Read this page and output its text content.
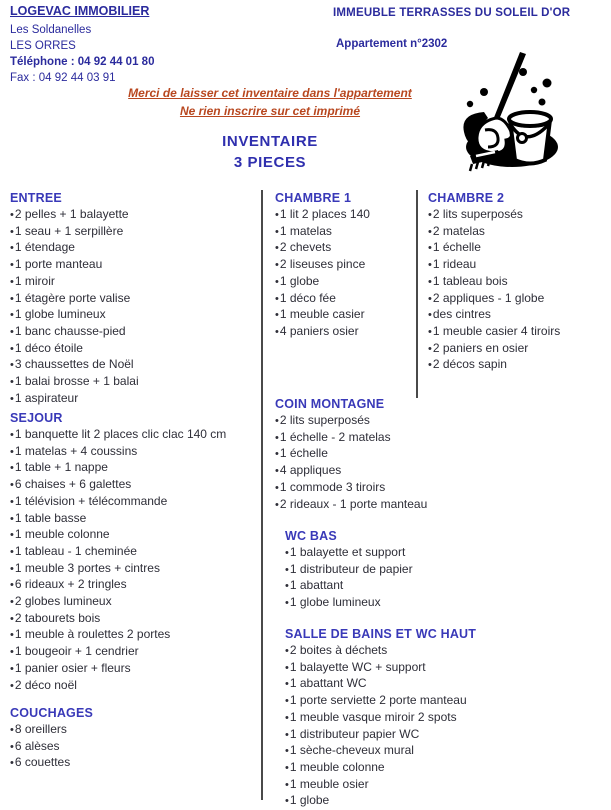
LOGEVAC IMMOBILIER
Les Soldanelles
LES ORRES
Téléphone : 04 92 44 01 80
Fax : 04 92 44 03 91
IMMEUBLE TERRASSES DU SOLEIL D'OR
Appartement n°2302
Merci de laisser cet inventaire dans l'appartement
Ne rien inscrire sur cet imprimé
INVENTAIRE
3 PIECES
ENTREE
•2 pelles + 1 balayette
•1 seau + 1 serpillère
•1 étendage
•1 porte manteau
•1 miroir
•1 étagère porte valise
•1 globe lumineux
•1 banc chausse-pied
•1 déco étoile
•3 chaussettes de Noël
•1 balai brosse + 1 balai
•1 aspirateur
SEJOUR
•1 banquette lit 2 places clic clac 140 cm
•1 matelas + 4 coussins
•1 table + 1 nappe
•6 chaises + 6 galettes
•1 télévision + télécommande
•1 table basse
•1 meuble colonne
•1 tableau - 1 cheminée
•1 meuble 3 portes + cintres
•6 rideaux + 2 tringles
•2 globes lumineux
•2 tabourets bois
•1 meuble à roulettes 2 portes
•1 bougeoir + 1 cendrier
•1 panier osier + fleurs
•2 déco noël
COUCHAGES
•8 oreillers
•6 alèses
•6 couettes
CHAMBRE 1
•1 lit 2 places 140
•1 matelas
•2 chevets
•2 liseuses pince
•1 globe
•1 déco fée
•1 meuble casier
•4 paniers osier
COIN MONTAGNE
•2 lits superposés
•1 échelle - 2 matelas
•1 échelle
•4 appliques
•1 commode 3 tiroirs
•2 rideaux - 1 porte manteau
WC BAS
•1 balayette et support
•1 distributeur de papier
•1 abattant
•1 globe lumineux
SALLE DE BAINS ET WC HAUT
•2 boites à déchets
•1 balayette WC + support
•1 abattant WC
•1 porte serviette 2 porte manteau
•1 meuble vasque miroir 2 spots
•1 distributeur papier WC
•1 sèche-cheveux mural
•1 meuble colonne
•1 meuble osier
•1 globe
CHAMBRE 2
•2 lits superposés
•2 matelas
•1 échelle
•1 rideau
•1 tableau bois
•2 appliques - 1 globe
•des cintres
•1 meuble casier 4 tiroirs
•2 paniers en osier
•2 décos sapin
